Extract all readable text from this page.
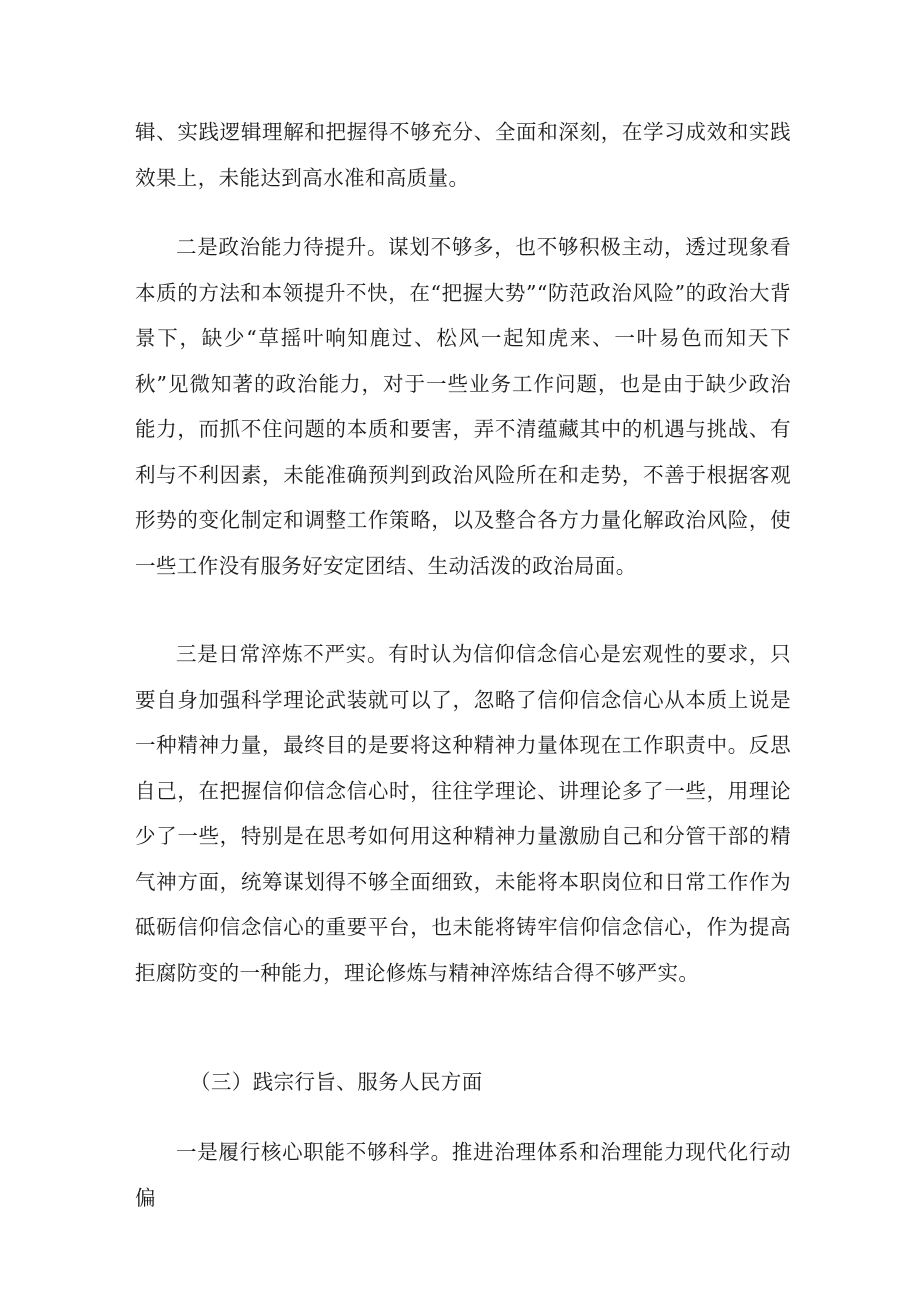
辑、实践逻辑理解和把握得不够充分、全面和深刻，在学习成效和实践效果上，未能达到高水准和高质量。

二是政治能力待提升。谋划不够多，也不够积极主动，透过现象看本质的方法和本领提升不快，在“把握大势”“防范政治风险”的政治大背景下，缺少“草摇叶响知鹿过、松风一起知虎来、一叶易色而知天下秋”见微知著的政治能力，对于一些业务工作问题，也是由于缺少政治能力，而抓不住问题的本质和要害，弄不清蕴藏其中的机遇与挑战、有利与不利因素，未能准确预判到政治风险所在和走势，不善于根据客观形势的变化制定和调整工作策略，以及整合各方力量化解政治风险，使一些工作没有服务好安定团结、生动活泼的政治局面。

三是日常淬炼不严实。有时认为信仰信念信心是宏观性的要求，只要自身加强科学理论武装就可以了，忽略了信仰信念信心从本质上说是一种精神力量，最终目的是要将这种精神力量体现在工作职责中。反思自己，在把握信仰信念信心时，往往学理论、讲理论多了一些，用理论少了一些，特别是在思考如何用这种精神力量激励自己和分管干部的精气神方面，统筹谋划得不够全面细致，未能将本职岗位和日常工作作为砥砺信仰信念信心的重要平台，也未能将铸牢信仰信念信心，作为提高拒腐防变的一种能力，理论修炼与精神淬炼结合得不够严实。

（三）践宗行旨、服务人民方面

一是履行核心职能不够科学。推进治理体系和治理能力现代化行动偏
